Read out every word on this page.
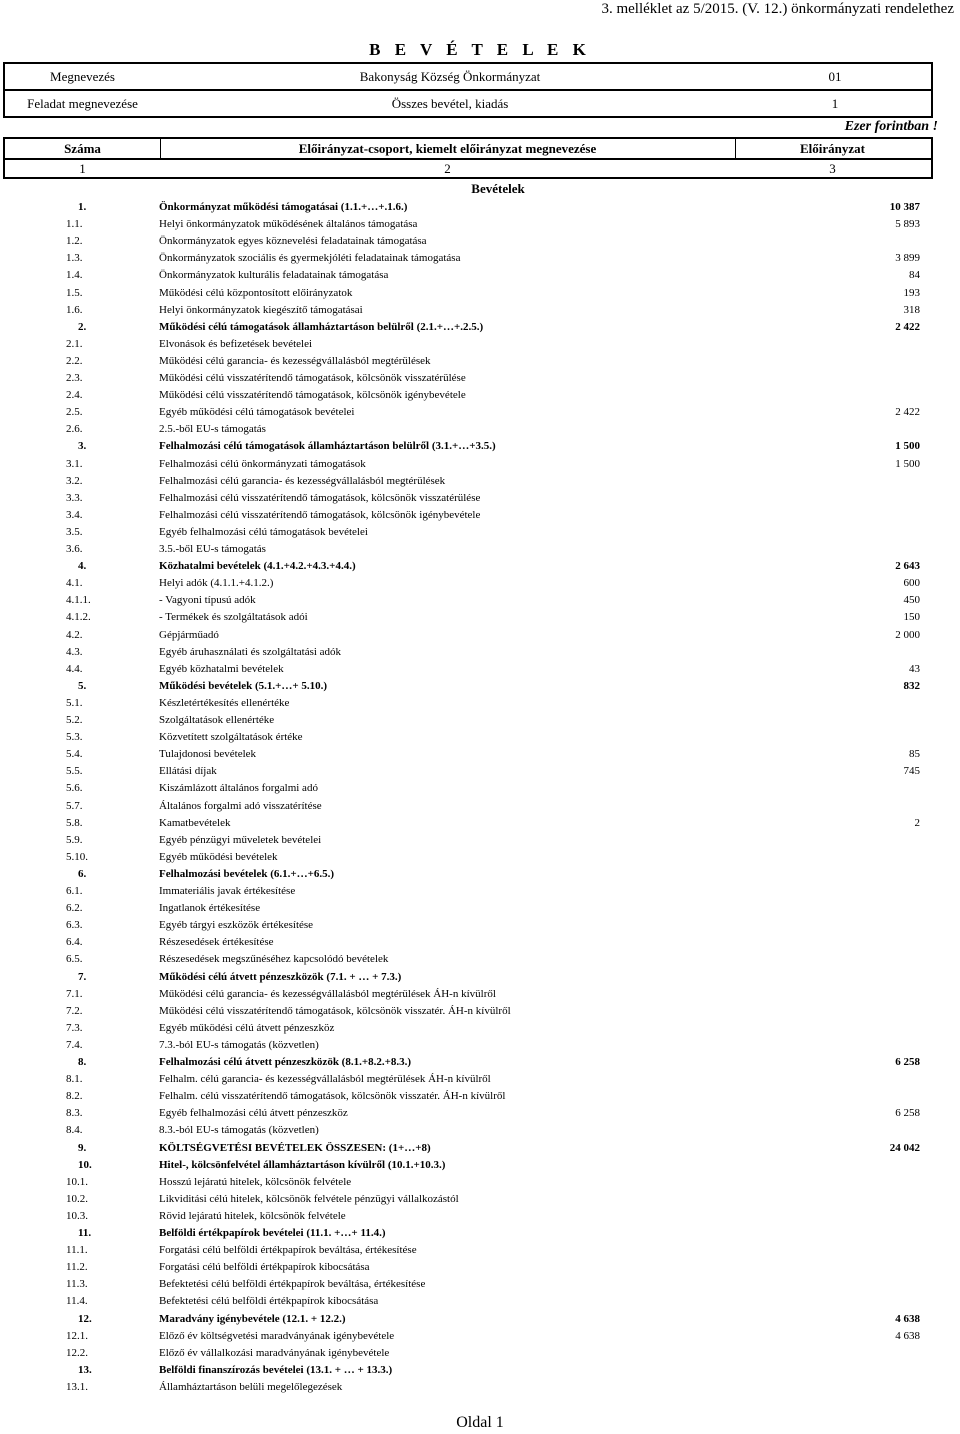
3. melléklet az 5/2015. (V. 12.) önkormányzati rendelethez
B E V É T E L E K
Megnevezés	Bakonyság Község Önkormányzat	01
Feladat megnevezése	Összes bevétel, kiadás	1
Ezer forintban !
Száma	Előirányzat-csoport, kiemelt előirányzat megnevezése	Előirányzat
1	2	3
Bevételek
1.	Önkormányzat működési támogatásai (1.1.+…+.1.6.)	10 387
1.1.	Helyi önkormányzatok működésének általános támogatása	5 893
1.2.	Önkormányzatok egyes köznevelési feladatainak támogatása
1.3.	Önkormányzatok szociális és gyermekjóléti feladatainak támogatása	3 899
1.4.	Önkormányzatok kulturális feladatainak támogatása	84
1.5.	Működési célú központosított előirányzatok	193
1.6.	Helyi önkormányzatok kiegészítő támogatásai	318
2.	Működési célú támogatások államháztartáson belülről (2.1.+…+.2.5.)	2 422
2.1.	Elvonások és befizetések bevételei
2.2.	Működési célú garancia- és kezességvállalásból megtérülések
2.3.	Működési célú visszatérítendő támogatások, kölcsönök visszatérülése
2.4.	Működési célú visszatérítendő támogatások, kölcsönök igénybevétele
2.5.	Egyéb működési célú támogatások bevételei	2 422
2.6.	2.5.-ből EU-s támogatás
3.	Felhalmozási célú támogatások államháztartáson belülről (3.1.+…+3.5.)	1 500
3.1.	Felhalmozási célú önkormányzati támogatások	1 500
3.2.	Felhalmozási célú garancia- és kezességvállalásból megtérülések
3.3.	Felhalmozási célú visszatérítendő támogatások, kölcsönök visszatérülése
3.4.	Felhalmozási célú visszatérítendő támogatások, kölcsönök igénybevétele
3.5.	Egyéb felhalmozási célú támogatások bevételei
3.6.	3.5.-ből EU-s támogatás
4.	Közhatalmi bevételek (4.1.+4.2.+4.3.+4.4.)	2 643
4.1.	Helyi adók (4.1.1.+4.1.2.)	600
4.1.1.	- Vagyoni típusú adók	450
4.1.2.	- Termékek és szolgáltatások adói	150
4.2.	Gépjárműadó	2 000
4.3.	Egyéb áruhasználati és szolgáltatási adók
4.4.	Egyéb közhatalmi bevételek	43
5.	Működési bevételek (5.1.+…+ 5.10.)	832
5.1.	Készletértékesítés ellenértéke
5.2.	Szolgáltatások ellenértéke
5.3.	Közvetített szolgáltatások értéke
5.4.	Tulajdonosi bevételek	85
5.5.	Ellátási díjak	745
5.6.	Kiszámlázott általános forgalmi adó
5.7.	Általános forgalmi adó visszatérítése
5.8.	Kamatbevételek	2
5.9.	Egyéb pénzügyi műveletek bevételei
5.10.	Egyéb működési bevételek
6.	Felhalmozási bevételek (6.1.+…+6.5.)
6.1.	Immateriális javak értékesítése
6.2.	Ingatlanok értékesítése
6.3.	Egyéb tárgyi eszközök értékesítése
6.4.	Részesedések értékesítése
6.5.	Részesedések megszűnéséhez kapcsolódó bevételek
7.	Működési célú átvett pénzeszközök (7.1. + … + 7.3.)
7.1.	Működési célú garancia- és kezességvállalásból megtérülések ÁH-n kívülről
7.2.	Működési célú visszatérítendő támogatások, kölcsönök visszatér. ÁH-n kívülről
7.3.	Egyéb működési célú átvett pénzeszköz
7.4.	7.3.-ból EU-s támogatás (közvetlen)
8.	Felhalmozási célú átvett pénzeszközök (8.1.+8.2.+8.3.)	6 258
8.1.	Felhalm. célú garancia- és kezességvállalásból megtérülések ÁH-n kívülről
8.2.	Felhalm. célú visszatérítendő támogatások, kölcsönök visszatér. ÁH-n kívülről
8.3.	Egyéb felhalmozási célú átvett pénzeszköz	6 258
8.4.	8.3.-ból EU-s támogatás (közvetlen)
9.	KÖLTSÉGVETÉSI BEVÉTELEK ÖSSZESEN: (1+…+8)	24 042
10.	Hitel-, kölcsönfelvétel államháztartáson kívülről (10.1.+10.3.)
10.1.	Hosszú lejáratú hitelek, kölcsönök felvétele
10.2.	Likviditási célú hitelek, kölcsönök felvétele pénzügyi vállalkozástól
10.3.	Rövid lejáratú hitelek, kölcsönök felvétele
11.	Belföldi értékpapírok bevételei (11.1. +…+ 11.4.)
11.1.	Forgatási célú belföldi értékpapírok beváltása, értékesítése
11.2.	Forgatási célú belföldi értékpapírok kibocsátása
11.3.	Befektetési célú belföldi értékpapírok beváltása, értékesítése
11.4.	Befektetési célú belföldi értékpapírok kibocsátása
12.	Maradvány igénybevétele (12.1. + 12.2.)	4 638
12.1.	Előző év költségvetési maradványának igénybevétele	4 638
12.2.	Előző év vállalkozási maradványának igénybevétele
13.	Belföldi finanszírozás bevételei (13.1. + … + 13.3.)
13.1.	Államháztartáson belüli megelőlegezések
Oldal 1
